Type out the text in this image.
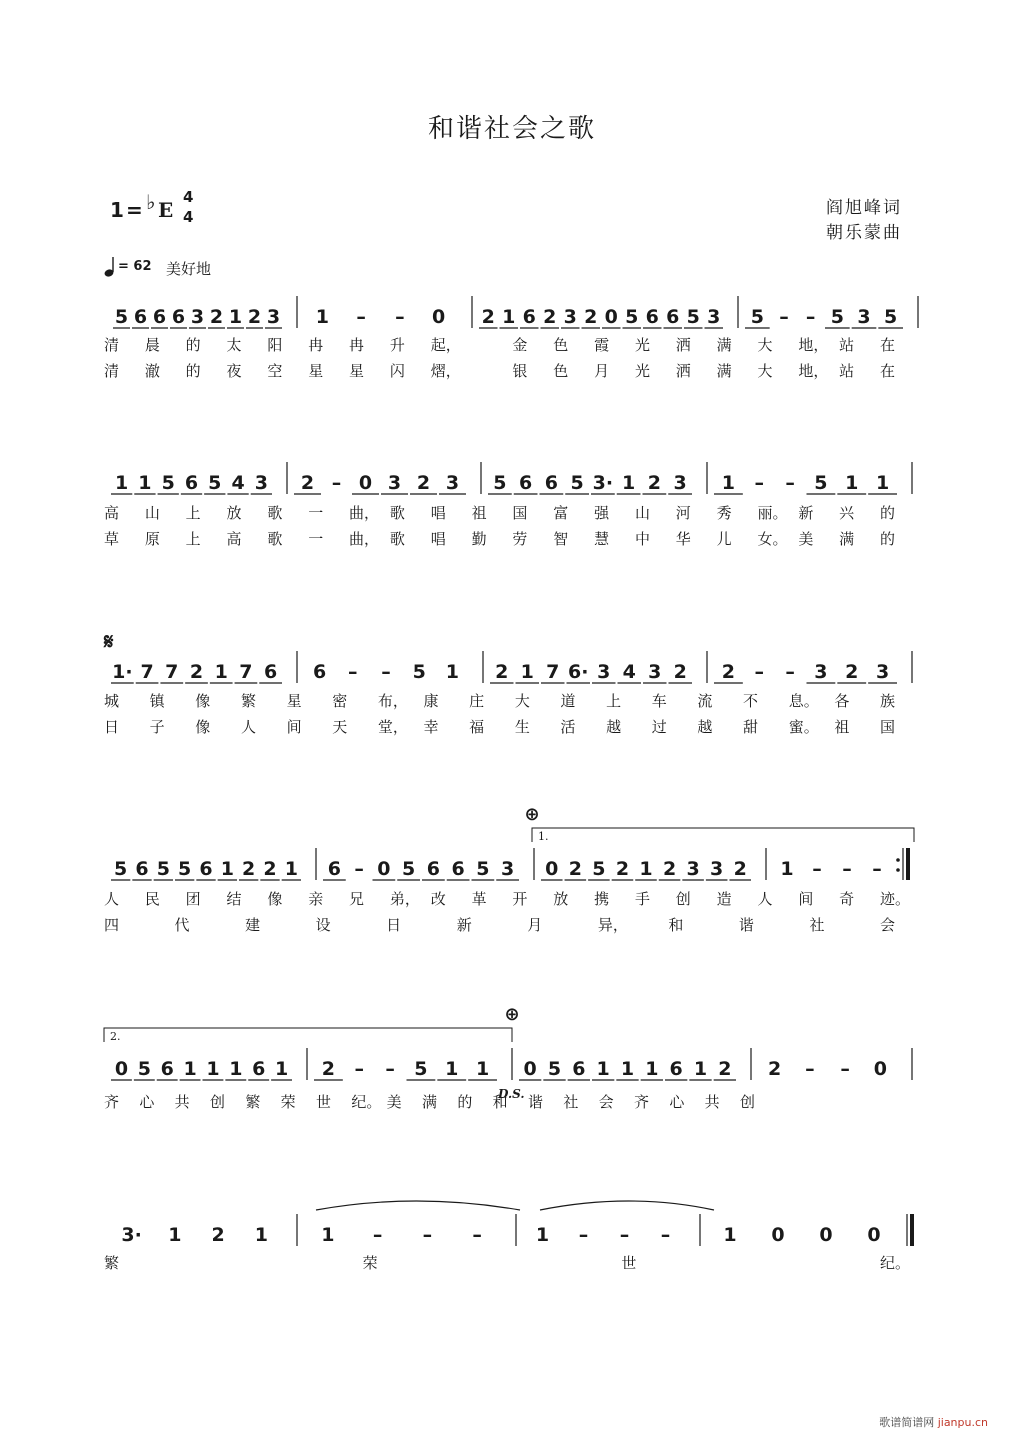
和谐社会之歌
1 = ♭ E
4
4
= 62 美好地
阎旭峰词
朝乐蒙曲
5 6 6 6 3 2 1 2 3 1 – – 0 2 1 6 2 3 2 0 5 6 6 5 3 5 – – 5 3 5
清 晨 的 太 阳 冉 冉 升 起，	金 色 霞 光 洒 满 大 地， 站 在
清 澈 的 夜 空 星 星 闪 熠，	银 色 月 光 洒 满 大 地， 站 在
1 1 5 6 5 4 3 2 – 0 3 2 3 5 6 6 5 3· 1 2 3 1 – – 5 1 1
高 山 上 放 歌 一 曲， 歌 唱 祖 国 富 强 山 河 秀 丽。 新 兴 的
草 原 上 高 歌 一 曲， 歌 唱 勤 劳 智 慧 中 华 儿 女。 美 满 的
1· 7 7 2 1 7 6 6 – – 5 1 2 1 7 6· 3 4 3 2 2 – – 3 2 3
城 镇 像 繁 星 密 布， 康 庄 大 道 上 车 流 不 息。 各 族
日 子 像 人 间 天 堂， 幸 福 生 活 越 过 越 甜 蜜。 祖 国
𝄋
5 6 5 5 6 1 2 2 1 6 – 0 5 6 6 5 3 0 2 5 2 1 2 3 3 2 1 – – –
人 民 团 结 像 亲 兄 弟， 改 革 开 放 携 手 创 造 人 间 奇 迹。
四	代	建	设	日	新	月	异，	和	谐	社	会
⊕
1.
0 5 6 1 1 1 6 1 2 – – 5 1 1 0 5 6 1 1 1 6 1 2 2 – – 0
齐 心 共 创 繁 荣 世 纪。 美 满 的 和 谐 社 会 齐 心 共 创
⊕
2.
D.S.
3· 1 2 1	1 – – –	1 – – –	1 0 0 0
繁	荣	世	纪。
歌谱简谱网 jianpu.cn
